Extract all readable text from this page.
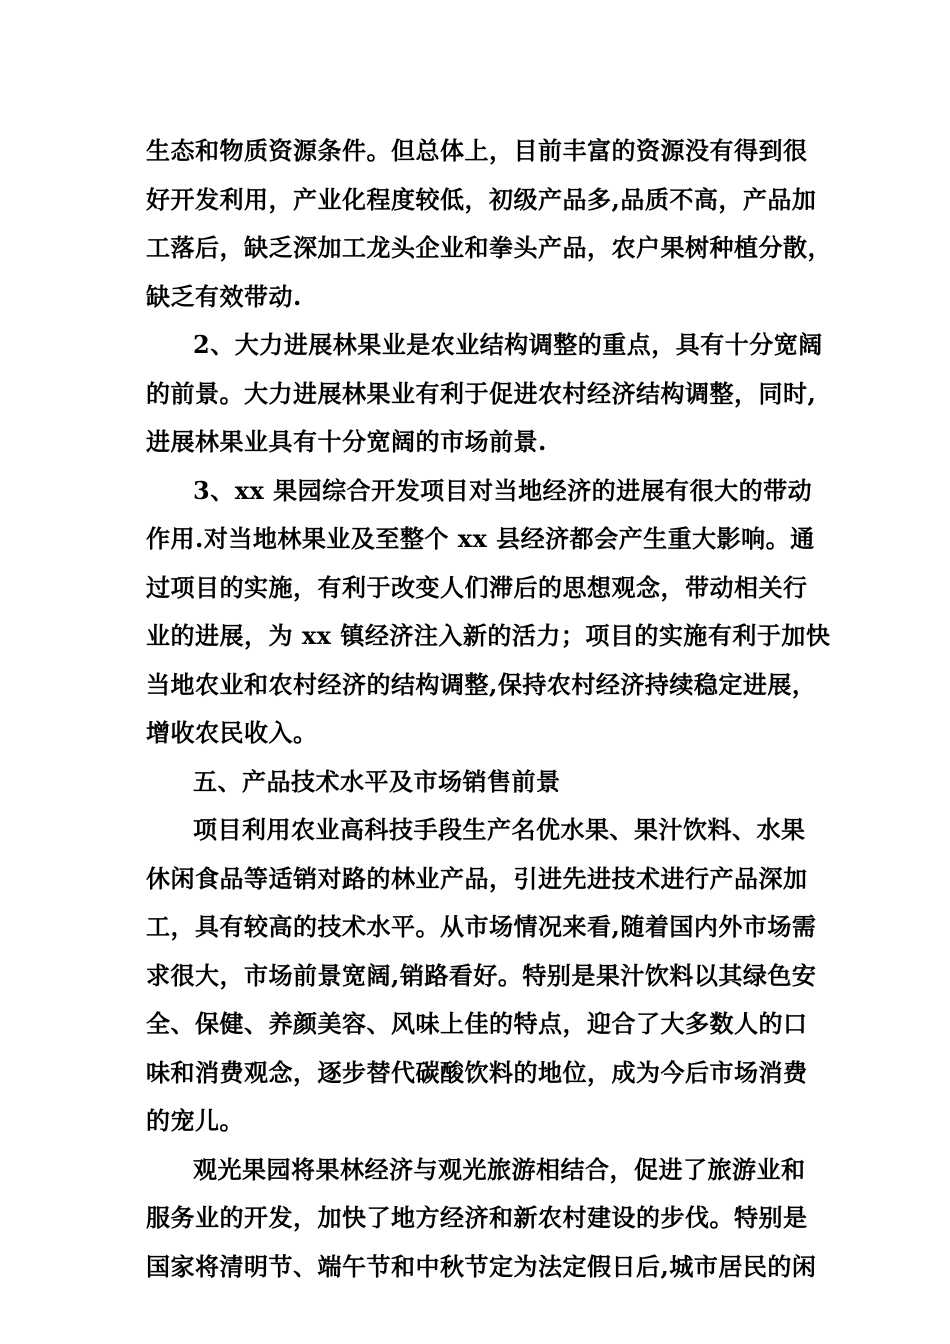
生态和物质资源条件。但总体上，目前丰富的资源没有得到很
好开发利用，产业化程度较低，初级产品多,品质不高，产品加
工落后，缺乏深加工龙头企业和拳头产品，农户果树种植分散，
缺乏有效带动.
2、大力进展林果业是农业结构调整的重点，具有十分宽阔
的前景。大力进展林果业有利于促进农村经济结构调整，同时,
进展林果业具有十分宽阔的市场前景.
3、xx 果园综合开发项目对当地经济的进展有很大的带动
作用.对当地林果业及至整个 xx 县经济都会产生重大影响。通
过项目的实施，有利于改变人们滞后的思想观念，带动相关行
业的进展，为 xx 镇经济注入新的活力；项目的实施有利于加快
当地农业和农村经济的结构调整,保持农村经济持续稳定进展，
增收农民收入。
五、产品技术水平及市场销售前景
项目利用农业高科技手段生产名优水果、果汁饮料、水果
休闲食品等适销对路的林业产品，引进先进技术进行产品深加
工，具有较高的技术水平。从市场情况来看,随着国内外市场需
求很大，市场前景宽阔,销路看好。特别是果汁饮料以其绿色安
全、保健、养颜美容、风味上佳的特点，迎合了大多数人的口
味和消费观念，逐步替代碳酸饮料的地位，成为今后市场消费
的宠儿。
观光果园将果林经济与观光旅游相结合，促进了旅游业和
服务业的开发，加快了地方经济和新农村建设的步伐。特别是
国家将清明节、端午节和中秋节定为法定假日后,城市居民的闲
